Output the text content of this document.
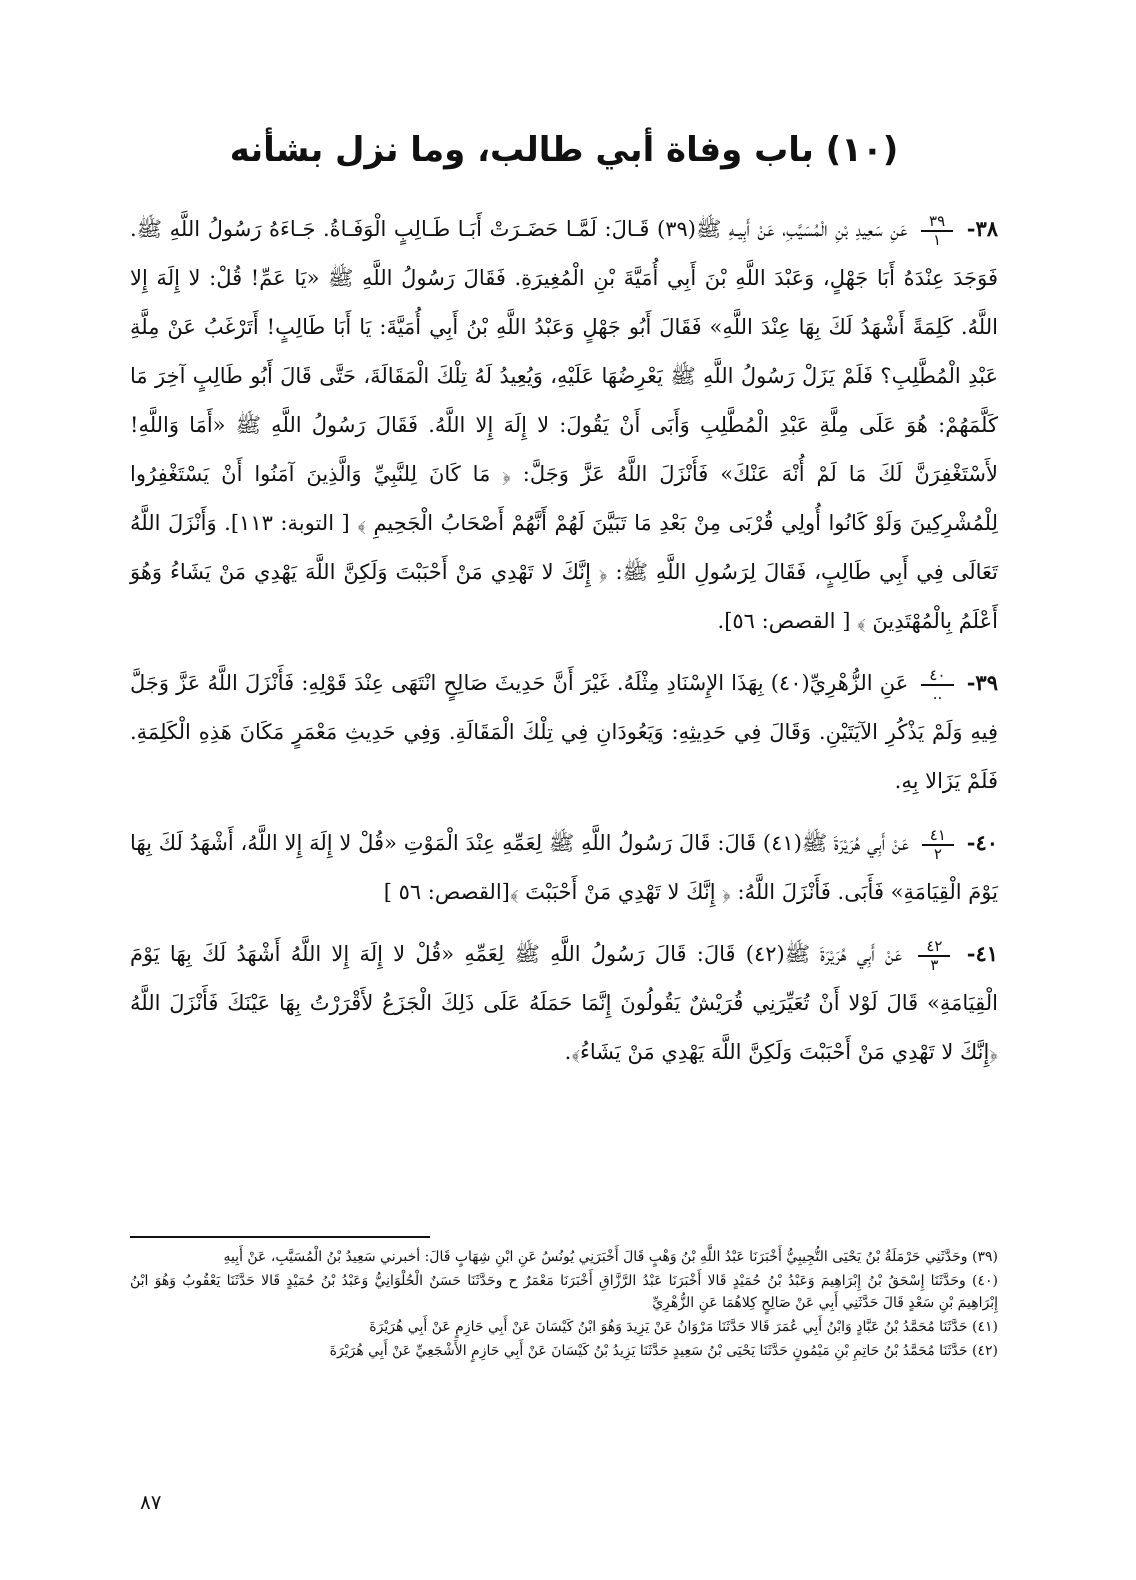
(١٠) باب وفاة أبي طالب، وما نزل بشأنه

٣٨-
$\frac{٣٩}{١}$
عَنِ سَعِيدِ بْنِ الْمُسَيَّبِ، عَنْ أَبِيـهِ ﷺ(٣٩) قَـالَ: لَمَّـا حَضَـرَتْ أَبَـا طَـالِبٍ الْوَفَـاةُ. جَـاءَهُ رَسُولُ اللَّهِ ﷺ. فَوَجَدَ عِنْدَهُ أَبَا جَهْلٍ، وَعَبْدَ اللَّهِ بْنَ أَبِي أُمَيَّةَ بْنِ الْمُغِيرَةِ. فَقَالَ رَسُولُ اللَّهِ ﷺ «يَا عَمِّ! قُلْ: لا إِلَهَ إِلا اللَّهُ. كَلِمَةً أَشْهَدُ لَكَ بِهَا عِنْدَ اللَّهِ» فَقَالَ أَبُو جَهْلٍ وَعَبْدُ اللَّهِ بْنُ أَبِي أُمَيَّةَ: يَا أَبَا طَالِبٍ! أَتَرْغَبُ عَنْ مِلَّةِ عَبْدِ الْمُطَّلِبِ؟ فَلَمْ يَزَلْ رَسُولُ اللَّهِ ﷺ يَعْرِضُهَا عَلَيْهِ، وَيُعِيدُ لَهُ تِلْكَ الْمَقَالَةَ، حَتَّى قَالَ أَبُو طَالِبٍ آخِرَ مَا كَلَّمَهُمْ: هُوَ عَلَى مِلَّةِ عَبْدِ الْمُطَّلِبِ وَأَبَى أَنْ يَقُولَ: لا إِلَهَ إِلا اللَّهُ. فَقَالَ رَسُولُ اللَّهِ ﷺ «أَمَا وَاللَّهِ! لأَسْتَغْفِرَنَّ لَكَ مَا لَمْ أُنْهَ عَنْكَ» فَأَنْزَلَ اللَّهُ عَزَّ وَجَلَّ: ﴿ مَا كَانَ لِلنَّبِيِّ وَالَّذِينَ آمَنُوا أَنْ يَسْتَغْفِرُوا لِلْمُشْرِكِينَ وَلَوْ كَانُوا أُولِي قُرْبَى مِنْ بَعْدِ مَا تَبَيَّنَ لَهُمْ أَنَّهُمْ أَصْحَابُ الْجَحِيمِ ﴾ [ التوبة: ١١٣]. وَأَنْزَلَ اللَّهُ تَعَالَى فِي أَبِي طَالِبٍ، فَقَالَ لِرَسُولِ اللَّهِ ﷺ: ﴿ إِنَّكَ لا تَهْدِي مَنْ أَحْبَبْتَ وَلَكِنَّ اللَّهَ يَهْدِي مَنْ يَشَاءُ وَهُوَ أَعْلَمُ بِالْمُهْتَدِينَ ﴾ [ القصص: ٥٦].

٣٩-
$\frac{٤٠}{..}$
عَنِ الزُّهْرِيِّ(٤٠) بِهَذَا الإِسْنَادِ مِثْلَهُ. غَيْرَ أَنَّ حَدِيثَ صَالِحٍ انْتَهَى عِنْدَ قَوْلِهِ: فَأَنْزَلَ اللَّهُ عَزَّ وَجَلَّ فِيهِ وَلَمْ يَذْكُرِ الآيَتَيْنِ. وَقَالَ فِي حَدِيثِهِ: وَيَعُودَانِ فِي تِلْكَ الْمَقَالَةِ. وَفِي حَدِيثِ مَعْمَرٍ مَكَانَ هَذِهِ الْكَلِمَةِ. فَلَمْ يَزَالا بِهِ.

٤٠-
$\frac{٤١}{٢}$
عَنْ أَبِي هُرَيْرَةَ ﷺ(٤١) قَالَ: قَالَ رَسُولُ اللَّهِ ﷺ لِعَمِّهِ عِنْدَ الْمَوْتِ «قُلْ لا إِلَهَ إِلا اللَّهُ، أَشْهَدُ لَكَ بِهَا يَوْمَ الْقِيَامَةِ» فَأَبَى. فَأَنْزَلَ اللَّهُ: ﴿ إِنَّكَ لا تَهْدِي مَنْ أَحْبَبْتَ ﴾[القصص: ٥٦ ]

٤١-
$\frac{٤٢}{٣}$
عَنْ أَبِي هُرَيْرَةَ ﷺ(٤٢) قَالَ: قَالَ رَسُولُ اللَّهِ ﷺ لِعَمِّهِ «قُلْ لا إِلَهَ إِلا اللَّهُ أَشْهَدُ لَكَ بِهَا يَوْمَ الْقِيَامَةِ» قَالَ لَوْلا أَنْ تُعَيِّرَنِي قُرَيْشٌ يَقُولُونَ إِنَّمَا حَمَلَهُ عَلَى ذَلِكَ الْجَزَعُ لأَقْرَرْتُ بِهَا عَيْنَكَ فَأَنْزَلَ اللَّهُ ﴿إِنَّكَ لا تَهْدِي مَنْ أَحْبَبْتَ وَلَكِنَّ اللَّهَ يَهْدِي مَنْ يَشَاءُ﴾.

(٣٩) وحَدَّثَنِي حَرْمَلَةُ بْنُ يَحْيَى التُّجِيبِيُّ أَخْبَرَنَا عَبْدُ اللَّهِ بْنُ وَهْبٍ قَالَ أَخْبَرَنِي يُونُسُ عَنِ ابْنِ شِهَابٍ قَالَ: أخبرني سَعِيدُ بْنُ الْمُسَيَّبِ، عَنْ أَبِيهِ

(٤٠) وحَدَّثَنَا إِسْحَقُ بْنُ إِبْرَاهِيمَ وَعَبْدُ بْنُ حُمَيْدٍ قَالا أَخْبَرَنَا عَبْدُ الرَّزَّاقِ أَخْبَرَنَا مَعْمَرٌ ح وحَدَّثَنَا حَسَنٌ الْحُلْوَانِيُّ وَعَبْدُ بْنُ حُمَيْدٍ قَالا حَدَّثَنَا يَعْقُوبُ وَهُوَ ابْنُ إِبْرَاهِيمَ بْنِ سَعْدٍ قَالَ حَدَّثَنِي أَبِي عَنْ صَالِحٍ كِلاهُمَا عَنِ الزُّهْرِيِّ

(٤١) حَدَّثَنَا مُحَمَّدُ بْنُ عَبَّادٍ وَابْنُ أَبِي عُمَرَ قَالا حَدَّثَنَا مَرْوَانُ عَنْ يَزِيدَ وَهُوَ ابْنُ كَيْسَانَ عَنْ أَبِي حَازِمٍ عَنْ أَبِي هُرَيْرَةَ

(٤٢) حَدَّثَنَا مُحَمَّدُ بْنُ حَاتِمِ بْنِ مَيْمُونٍ حَدَّثَنَا يَحْيَى بْنُ سَعِيدٍ حَدَّثَنَا يَزِيدُ بْنُ كَيْسَانَ عَنْ أَبِي حَازِمٍ الأَشْجَعِيِّ عَنْ أَبِي هُرَيْرَةَ

٨٧
